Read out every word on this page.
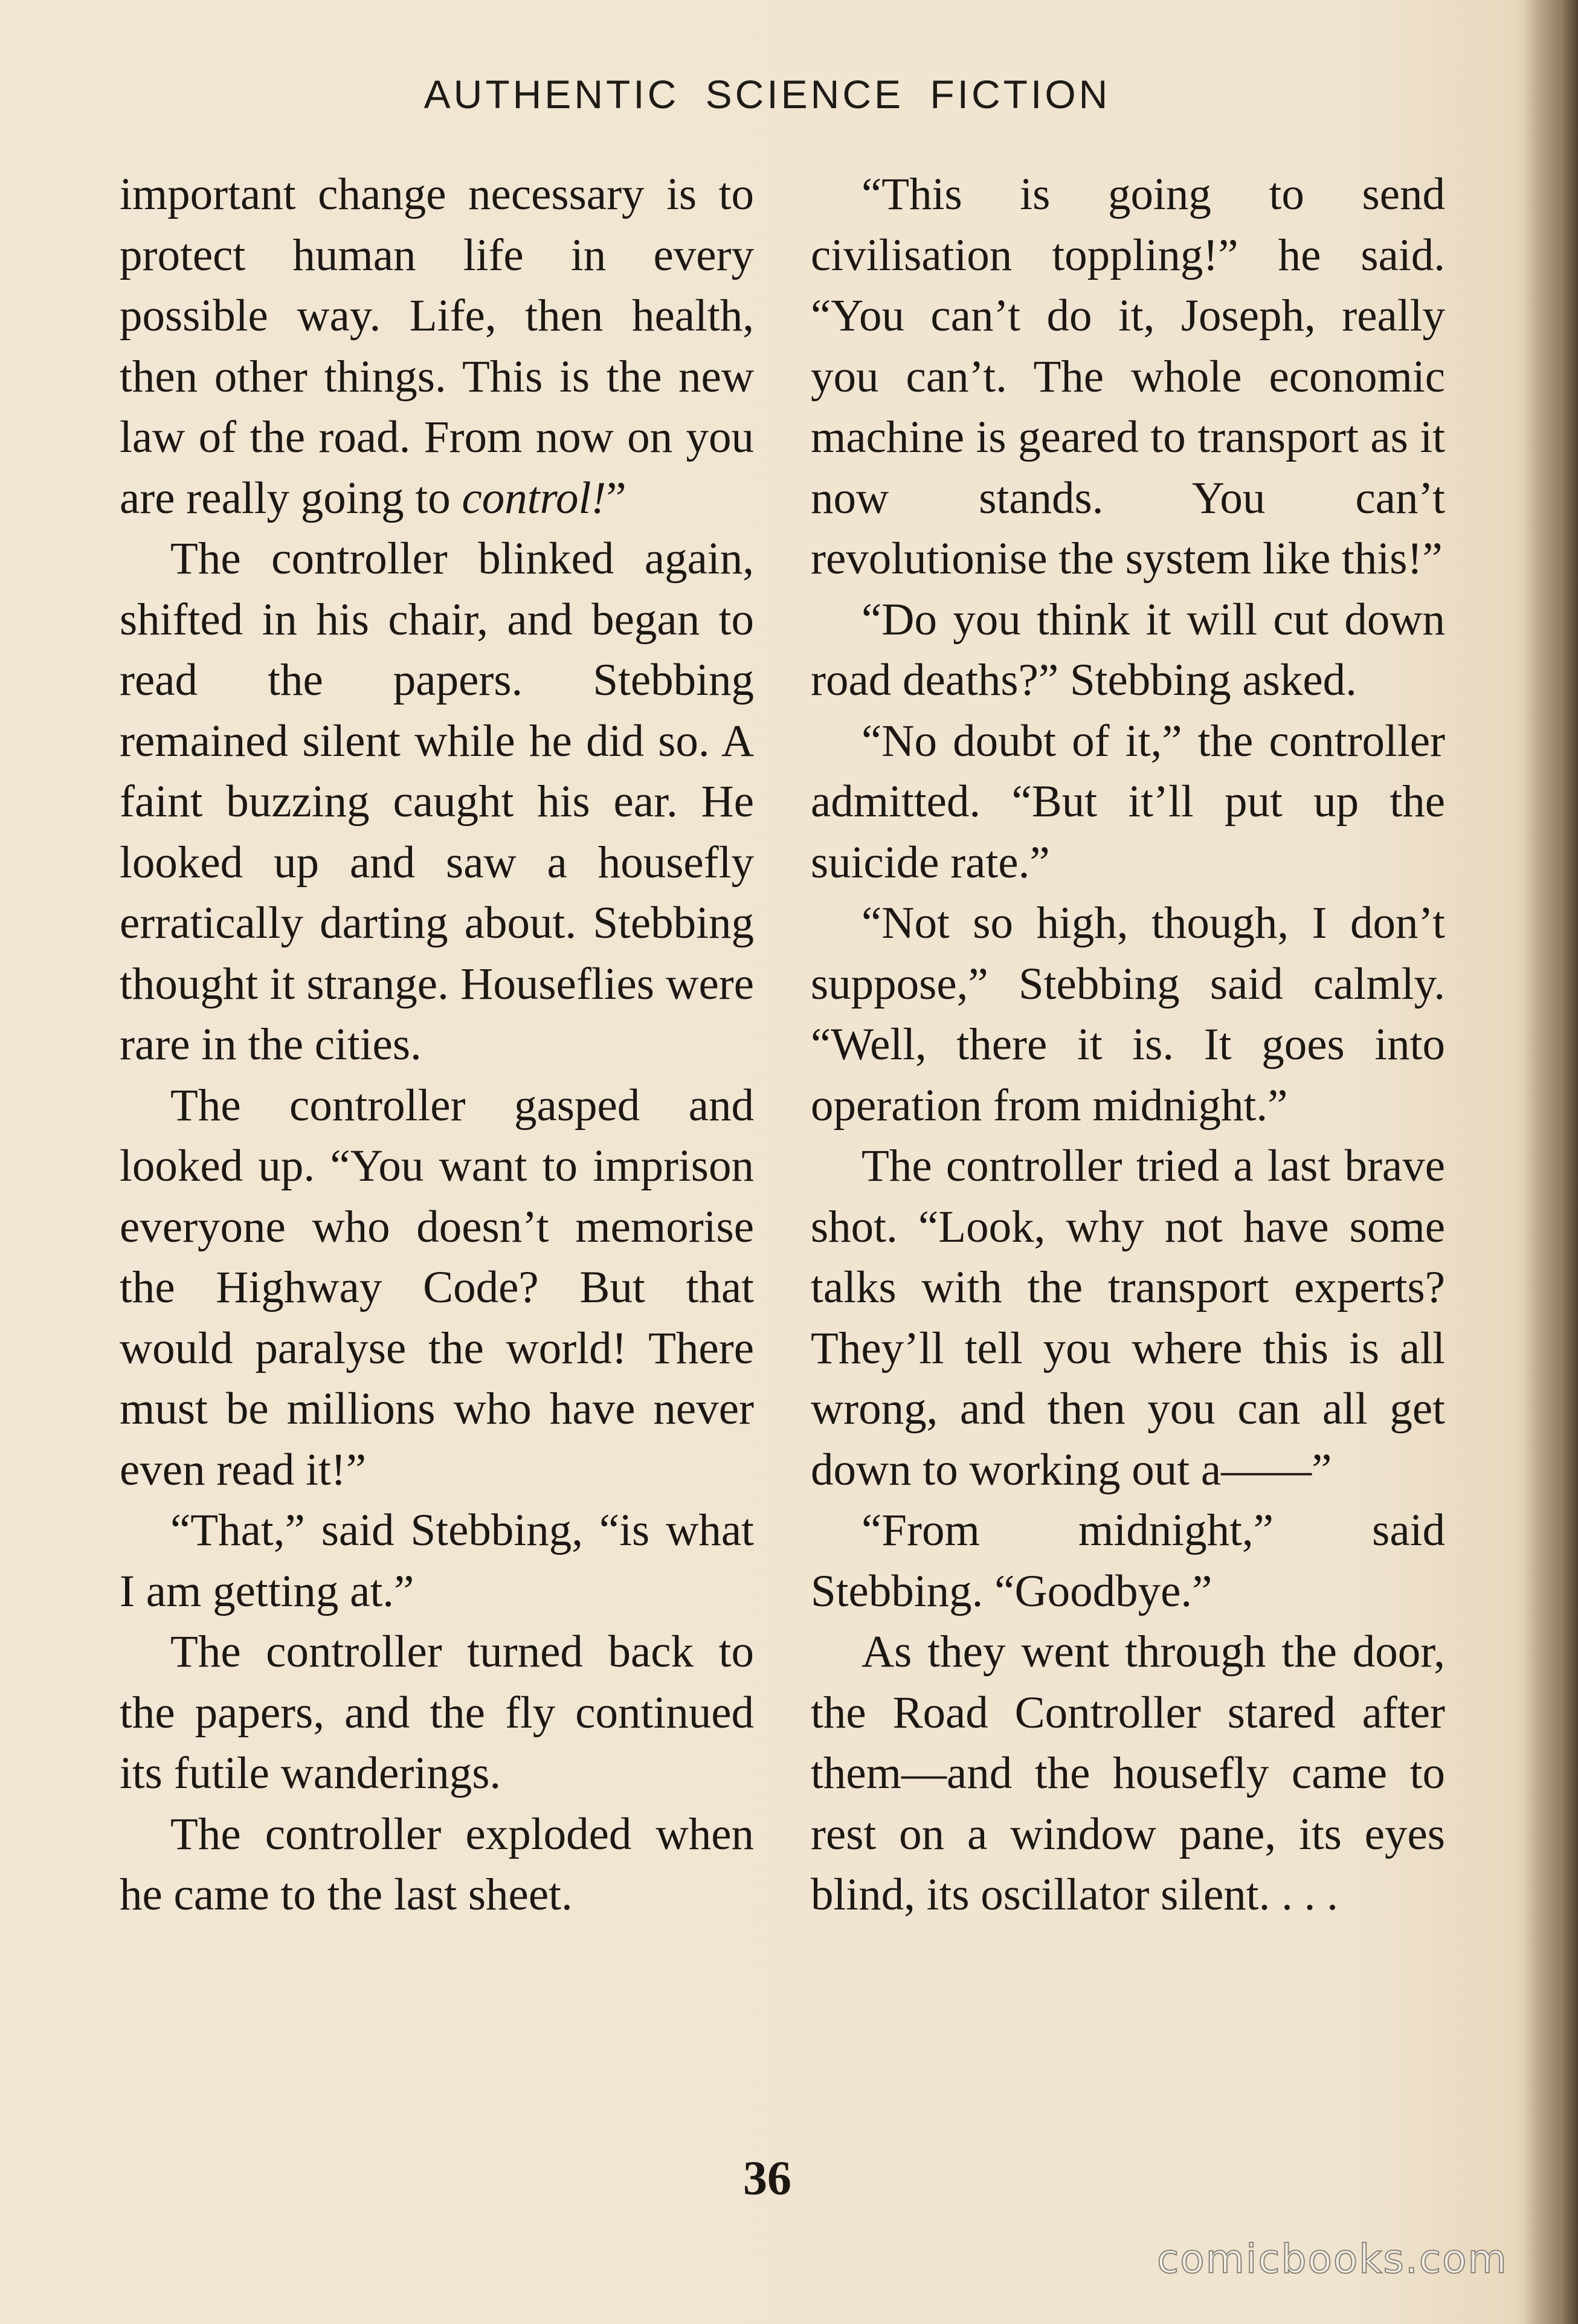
AUTHENTIC SCIENCE FICTION

important change necessary is to protect human life in every possible way. Life, then health, then other things. This is the new law of the road. From now on you are really going to control!”

The controller blinked again, shifted in his chair, and began to read the papers. Stebbing remained silent while he did so. A faint buzzing caught his ear. He looked up and saw a housefly erratically darting about. Stebbing thought it strange. Houseflies were rare in the cities.

The controller gasped and looked up. “You want to imprison everyone who doesn’t memorise the Highway Code? But that would paralyse the world! There must be millions who have never even read it!”

“That,” said Stebbing, “is what I am getting at.”

The controller turned back to the papers, and the fly continued its futile wanderings.

The controller exploded when he came to the last sheet.

“This is going to send civilisation toppling!” he said. “You can’t do it, Joseph, really you can’t. The whole economic machine is geared to transport as it now stands. You can’t revolutionise the system like this!”

“Do you think it will cut down road deaths?” Stebbing asked.

“No doubt of it,” the controller admitted. “But it’ll put up the suicide rate.”

“Not so high, though, I don’t suppose,” Stebbing said calmly. “Well, there it is. It goes into operation from midnight.”

The controller tried a last brave shot. “Look, why not have some talks with the transport experts? They’ll tell you where this is all wrong, and then you can all get down to working out a——”

“From midnight,” said Stebbing. “Goodbye.”

As they went through the door, the Road Controller stared after them—and the housefly came to rest on a window pane, its eyes blind, its oscillator silent. . . .

36
comicbooks.com
